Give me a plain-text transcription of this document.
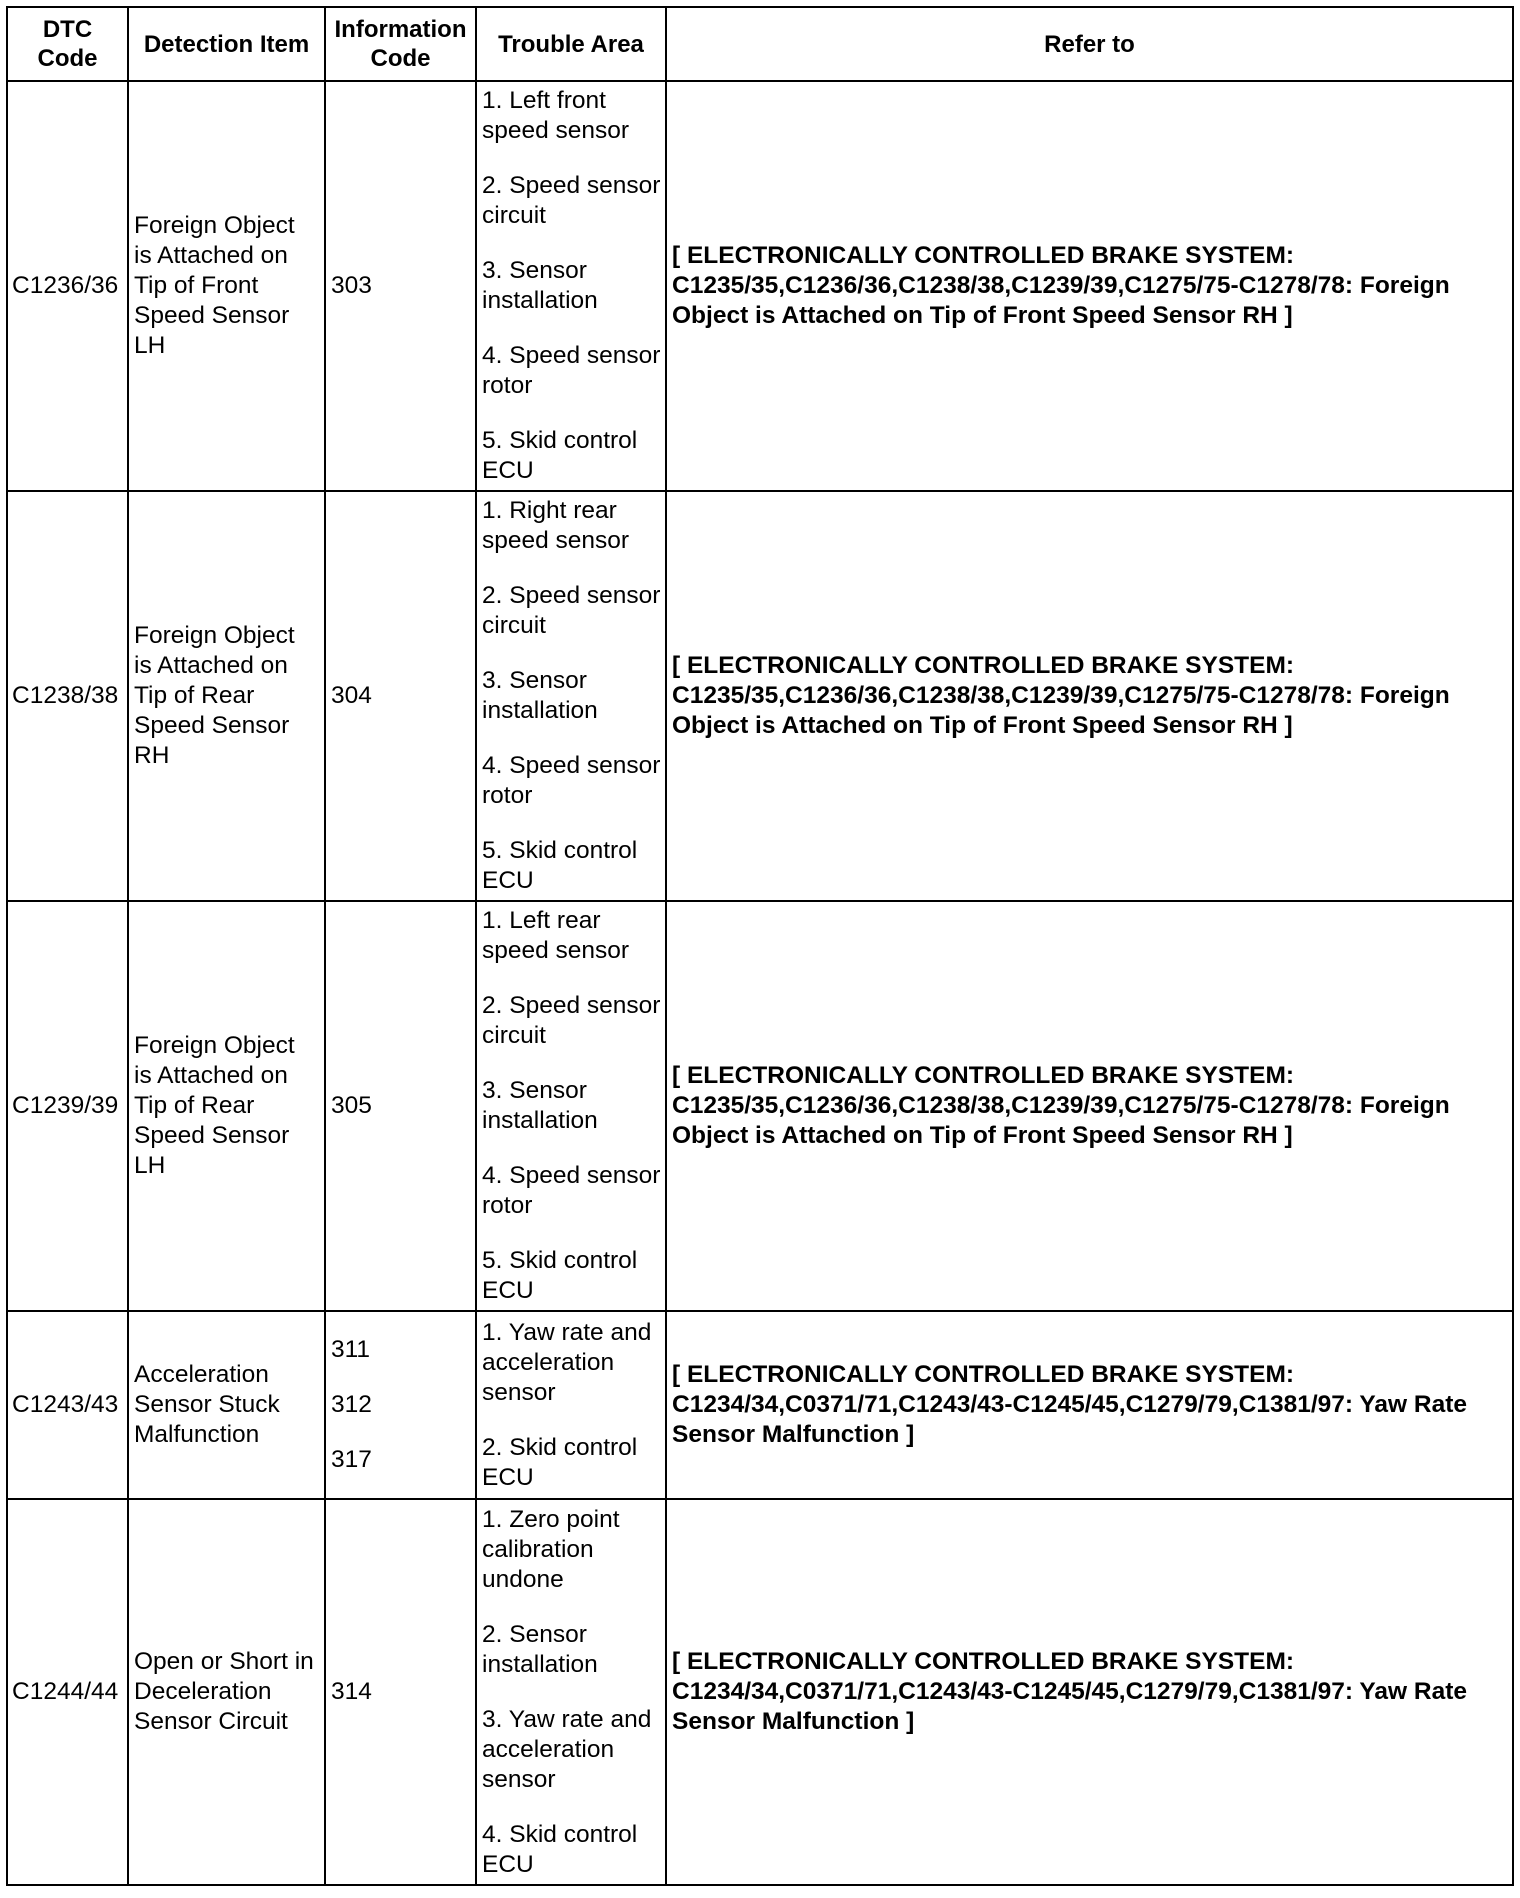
DTC Code	Detection Item	Information Code	Trouble Area	Refer to
C1236/36	Foreign Object is Attached on Tip of Front Speed Sensor LH	303	1. Left front speed sensor
2. Speed sensor circuit
3. Sensor installation
4. Speed sensor rotor
5. Skid control ECU	[ ELECTRONICALLY CONTROLLED BRAKE SYSTEM: C1235/35,C1236/36,C1238/38,C1239/39,C1275/75-C1278/78: Foreign Object is Attached on Tip of Front Speed Sensor RH ]
C1238/38	Foreign Object is Attached on Tip of Rear Speed Sensor RH	304	1. Right rear speed sensor
2. Speed sensor circuit
3. Sensor installation
4. Speed sensor rotor
5. Skid control ECU	[ ELECTRONICALLY CONTROLLED BRAKE SYSTEM: C1235/35,C1236/36,C1238/38,C1239/39,C1275/75-C1278/78: Foreign Object is Attached on Tip of Front Speed Sensor RH ]
C1239/39	Foreign Object is Attached on Tip of Rear Speed Sensor LH	305	1. Left rear speed sensor
2. Speed sensor circuit
3. Sensor installation
4. Speed sensor rotor
5. Skid control ECU	[ ELECTRONICALLY CONTROLLED BRAKE SYSTEM: C1235/35,C1236/36,C1238/38,C1239/39,C1275/75-C1278/78: Foreign Object is Attached on Tip of Front Speed Sensor RH ]
C1243/43	Acceleration Sensor Stuck Malfunction	311
312
317	1. Yaw rate and acceleration sensor
2. Skid control ECU	[ ELECTRONICALLY CONTROLLED BRAKE SYSTEM: C1234/34,C0371/71,C1243/43-C1245/45,C1279/79,C1381/97: Yaw Rate Sensor Malfunction ]
C1244/44	Open or Short in Deceleration Sensor Circuit	314	1. Zero point calibration undone
2. Sensor installation
3. Yaw rate and acceleration sensor
4. Skid control ECU	[ ELECTRONICALLY CONTROLLED BRAKE SYSTEM: C1234/34,C0371/71,C1243/43-C1245/45,C1279/79,C1381/97: Yaw Rate Sensor Malfunction ]
